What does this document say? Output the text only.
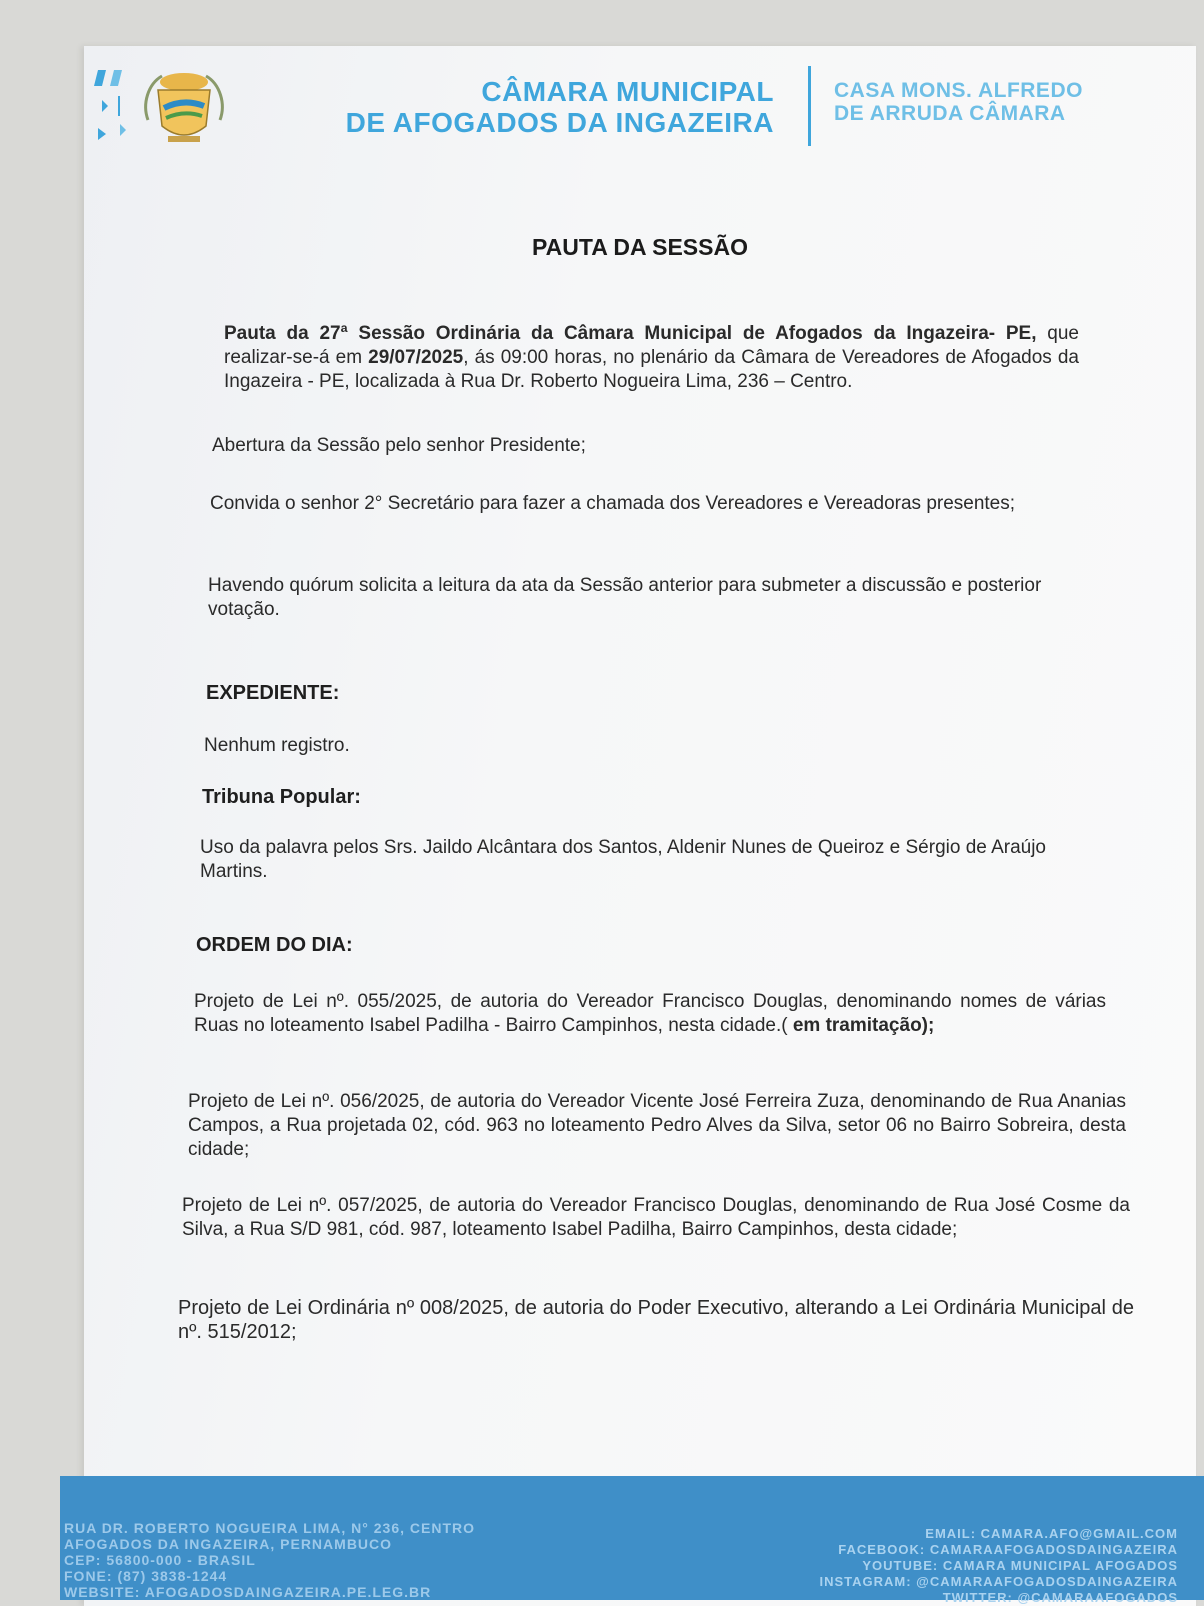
CÂMARA MUNICIPAL
DE AFOGADOS DA INGAZEIRA
CASA MONS. ALFREDO
DE ARRUDA CÂMARA
PAUTA DA SESSÃO
Pauta da 27ª Sessão Ordinária da Câmara Municipal de Afogados da Ingazeira- PE, que realizar-se-á em 29/07/2025, ás 09:00 horas, no plenário da Câmara de Vereadores de Afogados da Ingazeira - PE, localizada à Rua Dr. Roberto Nogueira Lima, 236 – Centro.
Abertura da Sessão pelo senhor Presidente;
Convida o senhor 2° Secretário para fazer a chamada dos Vereadores e Vereadoras presentes;
Havendo quórum solicita a leitura da ata da Sessão anterior para submeter a discussão e posterior votação.
EXPEDIENTE:
Nenhum registro.
Tribuna Popular:
Uso da palavra pelos Srs. Jaildo Alcântara dos Santos, Aldenir Nunes de Queiroz e Sérgio de Araújo Martins.
ORDEM DO DIA:
Projeto de Lei nº. 055/2025, de autoria do Vereador Francisco Douglas, denominando nomes de várias Ruas no loteamento Isabel Padilha - Bairro Campinhos, nesta cidade.( em tramitação);
Projeto de Lei nº. 056/2025, de autoria do Vereador Vicente José Ferreira Zuza, denominando de Rua Ananias Campos, a Rua projetada 02, cód. 963 no loteamento Pedro Alves da Silva, setor 06 no Bairro Sobreira, desta cidade;
Projeto de Lei nº. 057/2025, de autoria do Vereador Francisco Douglas, denominando de Rua José Cosme da Silva, a Rua S/D 981, cód. 987, loteamento Isabel Padilha, Bairro Campinhos, desta cidade;
Projeto de Lei Ordinária nº 008/2025, de autoria do Poder Executivo, alterando a Lei Ordinária Municipal de nº. 515/2012;
RUA DR. ROBERTO NOGUEIRA LIMA, N° 236, CENTRO
AFOGADOS DA INGAZEIRA, PERNAMBUCO
CEP: 56800-000 - BRASIL
FONE: (87) 3838-1244
WEBSITE: AFOGADOSDAINGAZEIRA.PE.LEG.BR
EMAIL: CAMARA.AFO@GMAIL.COM
FACEBOOK: CAMARAAFOGADOSDAINGAZEIRA
YOUTUBE: CAMARA MUNICIPAL AFOGADOS
INSTAGRAM: @CAMARAAFOGADOSDAINGAZEIRA
TWITTER: @CAMARAAFOGADOS
